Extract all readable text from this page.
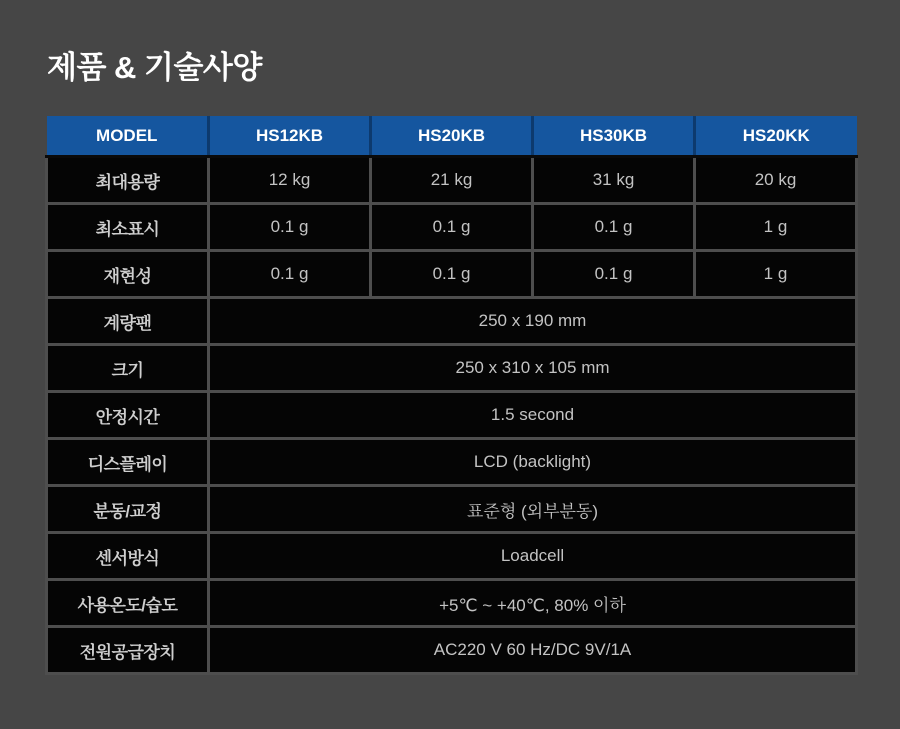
제품 & 기술사양
MODEL	HS12KB	HS20KB	HS30KB	HS20KK
최대용량	12 kg	21 kg	31 kg	20 kg
최소표시	0.1 g	0.1 g	0.1 g	1 g
재현성	0.1 g	0.1 g	0.1 g	1 g
계량팬	250 x 190 mm			
크기	250 x 310 x 105 mm			
안정시간	1.5 second			
디스플레이	LCD (backlight)			
분동/교정	표준형 (외부분동)			
센서방식	Loadcell			
사용온도/습도	+5℃ ~ +40℃, 80% 이하			
전원공급장치	AC220 V 60 Hz/DC 9V/1A			
